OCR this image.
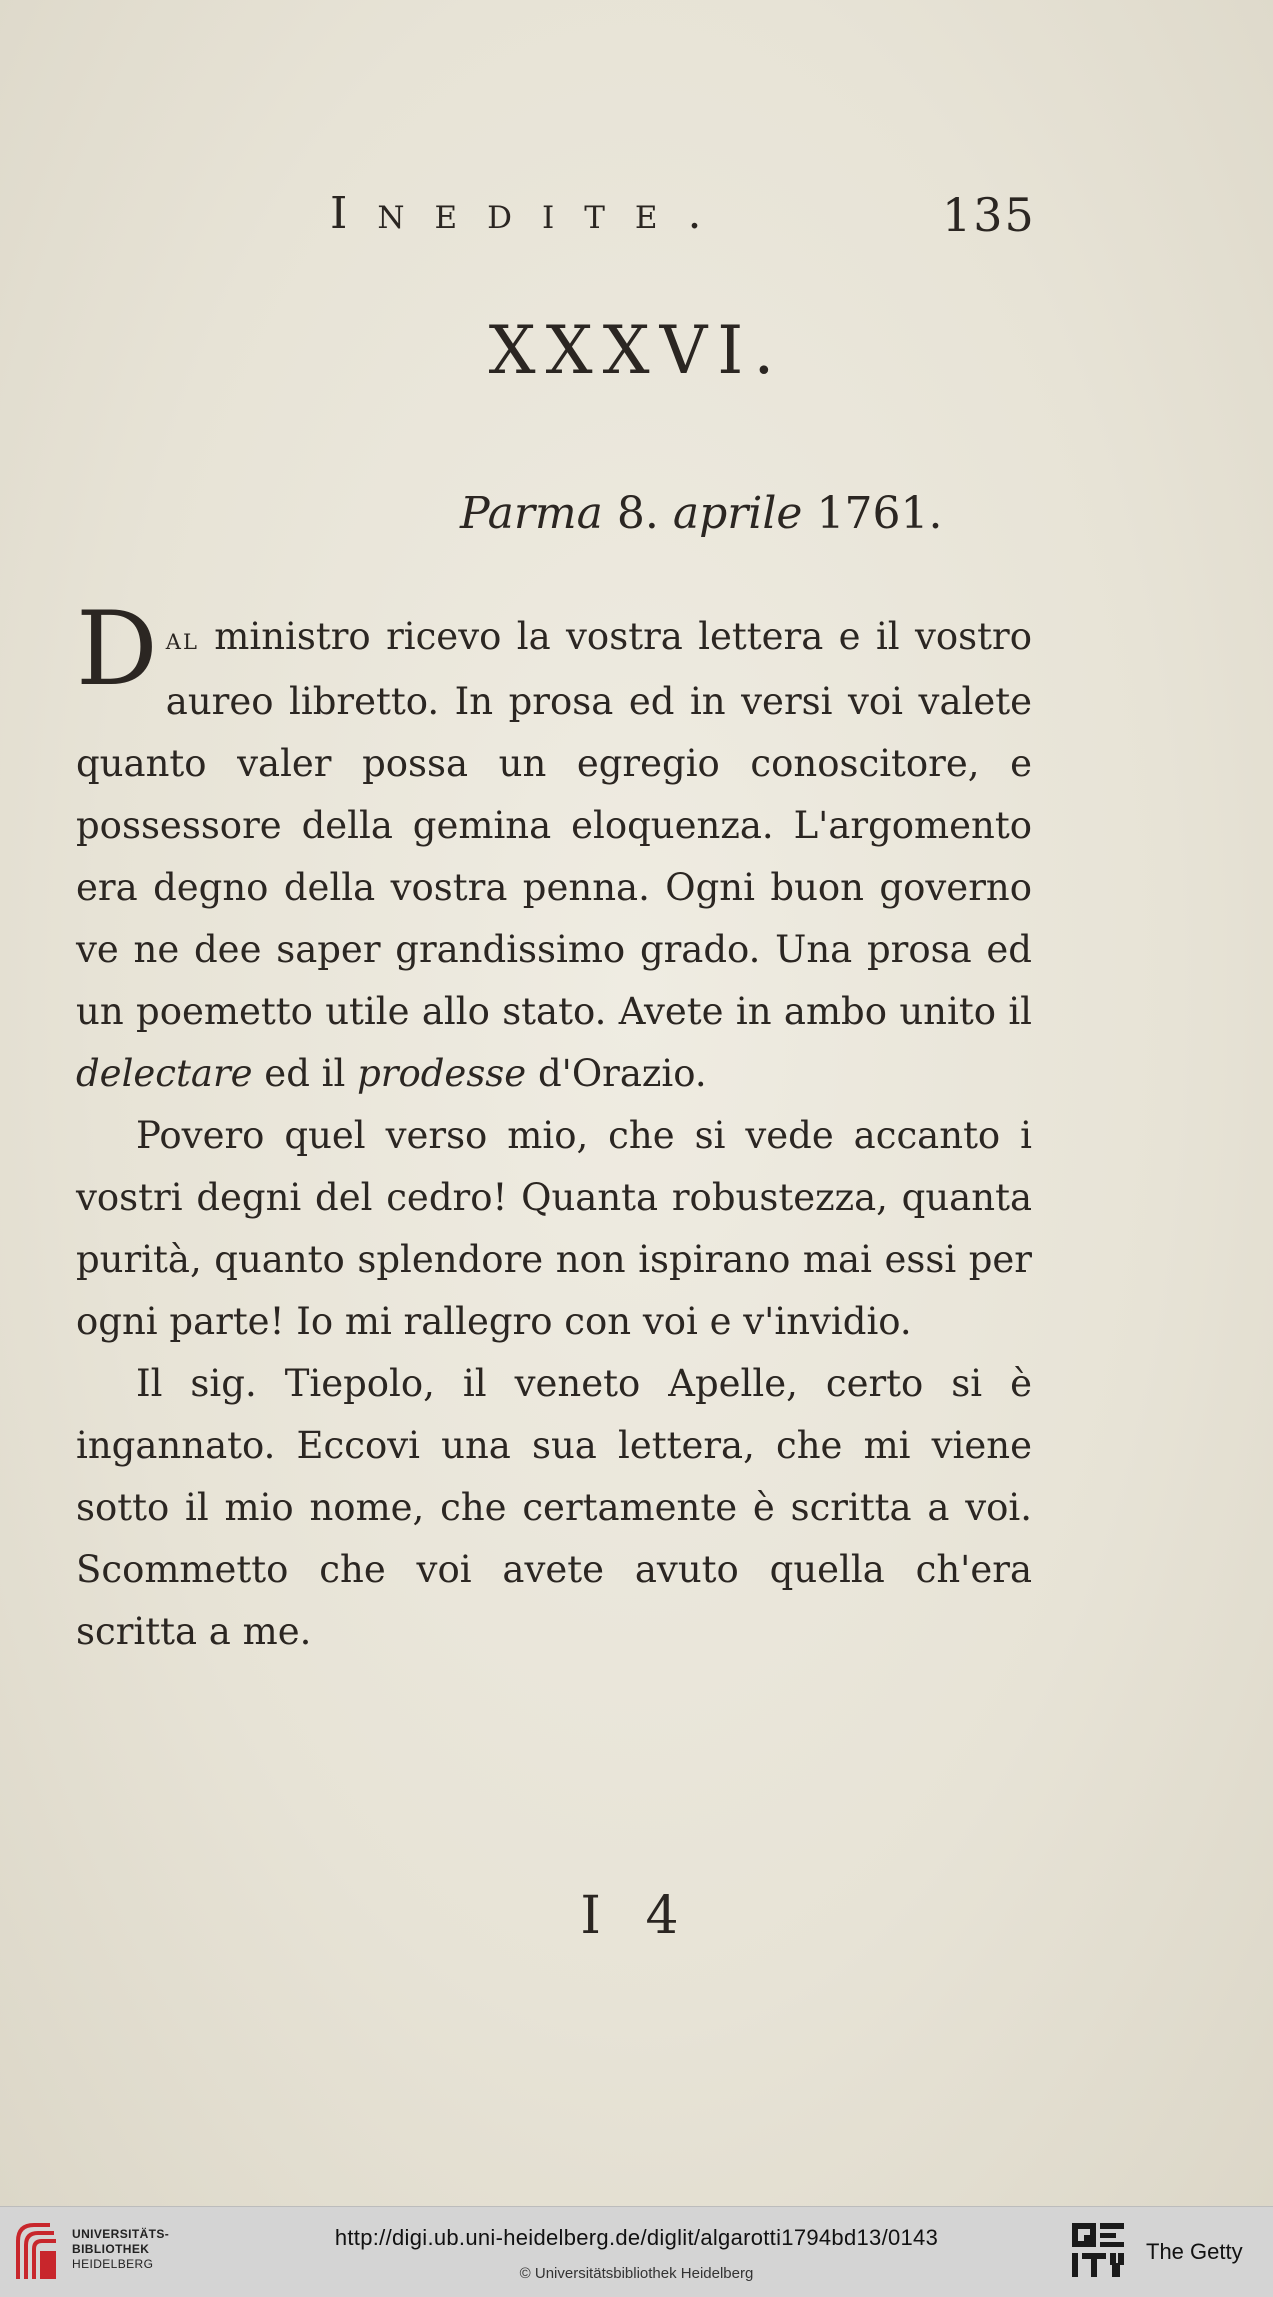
Inedite.	135
XXXVI.
Parma 8. aprile 1761.

Dal ministro ricevo la vostra lettera e il vostro aureo libretto. In prosa ed in versi voi valete quanto valer possa un egregio conoscitore, e possessore della gemina eloquenza. L'argomento era degno della vostra penna. Ogni buon governo ve ne dee saper grandissimo grado. Una prosa ed un poemetto utile allo stato. Avete in ambo unito il delectare ed il prodesse d'Orazio.

Povero quel verso mio, che si vede accanto i vostri degni del cedro! Quanta robustezza, quanta purità, quanto splendore non ispirano mai essi per ogni parte! Io mi rallegro con voi e v'invidio.

Il sig. Tiepolo, il veneto Apelle, certo si è ingannato. Eccovi una sua lettera, che mi viene sotto il mio nome, che certamente è scritta a voi. Scommetto che voi avete avuto quella ch'era scritta a me.

I 4
UNIVERSITÄTS-
BIBLIOTHEK
HEIDELBERG
http://digi.ub.uni-heidelberg.de/diglit/algarotti1794bd13/0143
© Universitätsbibliothek Heidelberg
The Getty
